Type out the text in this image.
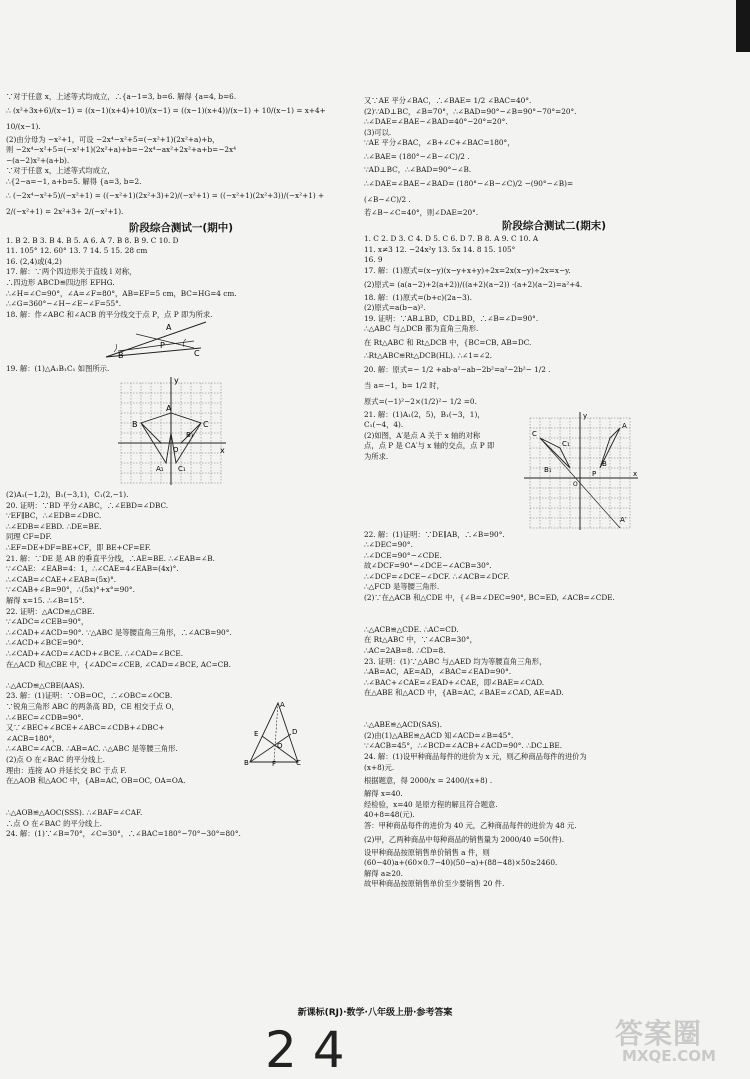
∵对于任意 x，上述等式均成立，∴{a−1=3, b=6. 解得 {a=4, b=6.
∴ (x²+3x+6)/(x−1) = ((x−1)(x+4)+10)/(x−1) = ((x−1)(x+4))/(x−1) + 10/(x−1) = x+4+
10/(x−1).
(2)由分母为 −x²+1，可设 −2x⁴−x²+5=(−x²+1)(2x²+a)+b，
则 −2x⁴−x²+5=(−x²+1)(2x²+a)+b=−2x⁴−ax²+2x²+a+b=−2x⁴
−(a−2)x²+(a+b).
∵对于任意 x，上述等式均成立，
∴{2−a=−1, a+b=5. 解得 {a=3, b=2.
∴ (−2x⁴−x²+5)/(−x²+1) = ((−x²+1)(2x²+3)+2)/(−x²+1) = ((−x²+1)(2x²+3))/(−x²+1) +
2/(−x²+1) = 2x²+3+ 2/(−x²+1).
阶段综合测试一(期中)
1. B 2. B 3. B 4. B 5. A 6. A 7. B 8. B 9. C 10. D
11. 105° 12. 60° 13. 7 14. 5 15. 28 cm
16. (2,4)或(4,2)
17. 解：∵两个四边形关于直线 l 对称，
∴四边形 ABCD≌四边形 EFHG.
∴∠H=∠C=90°，∠A=∠F=80°，AB=EF=5 cm，BC=HG=4 cm.
∴∠G=360°−∠H−∠E−∠F=55°.
18. 解：作∠ABC 和∠ACB 的平分线交于点 P，点 P 即为所求.
A
B	C
P
19. 解：(1)△A₁B₁C₁ 如图所示.
y
x
A
B	C
O
A₁
B₁
C₁
(2)A₁(−1,2)，B₁(−3,1)，C₁(2,−1).
20. 证明：∵BD 平分∠ABC，∴∠EBD=∠DBC.
∵EF∥BC，∴∠EDB=∠DBC.
∴∠EDB=∠EBD. ∴DE=BE.
同理 CF=DF.
∴EF=DE+DF=BE+CF，即 BE+CF=EF.
21. 解：∵DE 是 AB 的垂直平分线，∴AE=BE. ∴∠EAB=∠B.
∵∠CAE：∠EAB=4：1，∴∠CAE=4∠EAB=(4x)°.
∴∠CAB=∠CAE+∠EAB=(5x)°.
∵∠CAB+∠B=90°，∴(5x)°+x°=90°.
解得 x=15. ∴∠B=15°.
22. 证明：△ACD≌△CBE.
∵∠ADC=∠CEB=90°，
∴∠CAD+∠ACD=90°. ∵△ABC 是等腰直角三角形，∴∠ACB=90°.
∴∠ACD+∠BCE=90°.
∴∠CAD+∠ACD=∠ACD+∠BCE. ∴∠CAD=∠BCE.
在△ACD 和△CBE 中，{∠ADC=∠CEB, ∠CAD=∠BCE, AC=CB.
∴△ACD≌△CBE(AAS).
23. 解：(1)证明：∵OB=OC，∴∠OBC=∠OCB.
∵锐角三角形 ABC 的两条高 BD，CE 相交于点 O，
∴∠BEC=∠CDB=90°.
又∵∠BEC+∠BCE+∠ABC=∠CDB+∠DBC+
∠ACB=180°，
∴∠ABC=∠ACB. ∴AB=AC. ∴△ABC 是等腰三角形.
(2)点 O 在∠BAC 的平分线上.
A
B	C
D
E
F
O
理由：连接 AO 并延长交 BC 于点 F.
在△AOB 和△AOC 中，{AB=AC, OB=OC, OA=OA.
∴△AOB≌△AOC(SSS). ∴∠BAF=∠CAF.
∴点 O 在∠BAC 的平分线上.
24. 解：(1)∵∠B=70°，∠C=30°，∴∠BAC=180°−70°−30°=80°.
又∵AE 平分∠BAC，∴∠BAE= 1/2 ∠BAC=40°.
(2)∵AD⊥BC，∠B=70°，∴∠BAD=90°−∠B=90°−70°=20°.
∴∠DAE=∠BAE−∠BAD=40°−20°=20°.
(3)可以.
∵AE 平分∠BAC，∠B+∠C+∠BAC=180°，
∴∠BAE= (180°−∠B−∠C)/2 .
∵AD⊥BC，∴∠BAD=90°−∠B.
∴∠DAE=∠BAE−∠BAD= (180°−∠B−∠C)/2 −(90°−∠B)=
(∠B−∠C)/2 .
若∠B−∠C=40°，则∠DAE=20°.
阶段综合测试二(期末)
1. C 2. D 3. C 4. D 5. C 6. D 7. B 8. A 9. C 10. A
11. x≠3 12. −24x²y 13. 5x 14. 8 15. 105°
16. 9
17. 解：(1)原式=(x−y)(x−y+x+y)÷2x=2x(x−y)÷2x=x−y.
(2)原式= (a(a−2)+2(a+2))/((a+2)(a−2)) ·(a+2)(a−2)=a²+4.
18. 解：(1)原式=(b+c)(2a−3).
(2)原式=a(b−a)².
19. 证明：∵AB⊥BD，CD⊥BD，∴∠B=∠D=90°.
∴△ABC 与△DCB 都为直角三角形.
在 Rt△ABC 和 Rt△DCB 中，{BC=CB, AB=DC.
∴Rt△ABC≌Rt△DCB(HL). ∴∠1=∠2.
20. 解：原式=− 1/2 +ab·a²−ab−2b²=a²−2b²− 1/2 .
当 a=−1，b= 1/2 时，
原式=(−1)²−2×(1/2)²− 1/2 =0.
21. 解：(1)A₁(2，5)，B₁(−3，1)，
C₁(−4，4).
(2)如图，A′是点 A 关于 x 轴的对称
点，点 P 是 CA′与 x 轴的交点，点 P 即
为所求.
y
x
C
A
B
P
A′
C₁
B₁
O
22. 解：(1)证明：∵DE∥AB，∴∠B=90°.
∴∠DEC=90°.
∴∠DCE=90°−∠CDE.
故∠DCF=90°−∠DCE−∠ACB=30°.
∴∠DCF=∠DCE−∠DCF. ∴∠ACB=∠DCF.
∴△FCD 是等腰三角形.
(2)∵在△ACB 和△CDE 中，{∠B=∠DEC=90°, BC=ED, ∠ACB=∠CDE.
∴△ACB≌△CDE. ∴AC=CD.
在 Rt△ABC 中，∵∠ACB=30°，
∴AC=2AB=8. ∴CD=8.
23. 证明：(1)∵△ABC 与△AED 均为等腰直角三角形，
∴AB=AC，AE=AD，∠BAC=∠EAD=90°.
∴∠BAC+∠CAE=∠EAD+∠CAE，即∠BAE=∠CAD.
在△ABE 和△ACD 中，{AB=AC, ∠BAE=∠CAD, AE=AD.
∴△ABE≌△ACD(SAS).
(2)由(1)△ABE≌△ACD 知∠ACD=∠B=45°.
∵∠ACB=45°，∴∠BCD=∠ACB+∠ACD=90°. ∴DC⊥BE.
24. 解：(1)设甲种商品每件的进价为 x 元，则乙种商品每件的进价为
(x+8)元.
根据题意，得 2000/x = 2400/(x+8) .
解得 x=40.
经检验，x=40 是原方程的解且符合题意.
40+8=48(元).
答：甲种商品每件的进价为 40 元，乙种商品每件的进价为 48 元.
(2)甲，乙两种商品中每种商品的销售量为 2000/40 =50(件).
设甲种商品按原销售单价销售 a 件，则
(60−40)a+(60×0.7−40)(50−a)+(88−48)×50≥2460.
解得 a≥20.
故甲种商品按原销售单价至少要销售 20 件.
新课标(RJ)·数学·八年级上册·参考答案
2 4	答案圈
MXQE.COM
